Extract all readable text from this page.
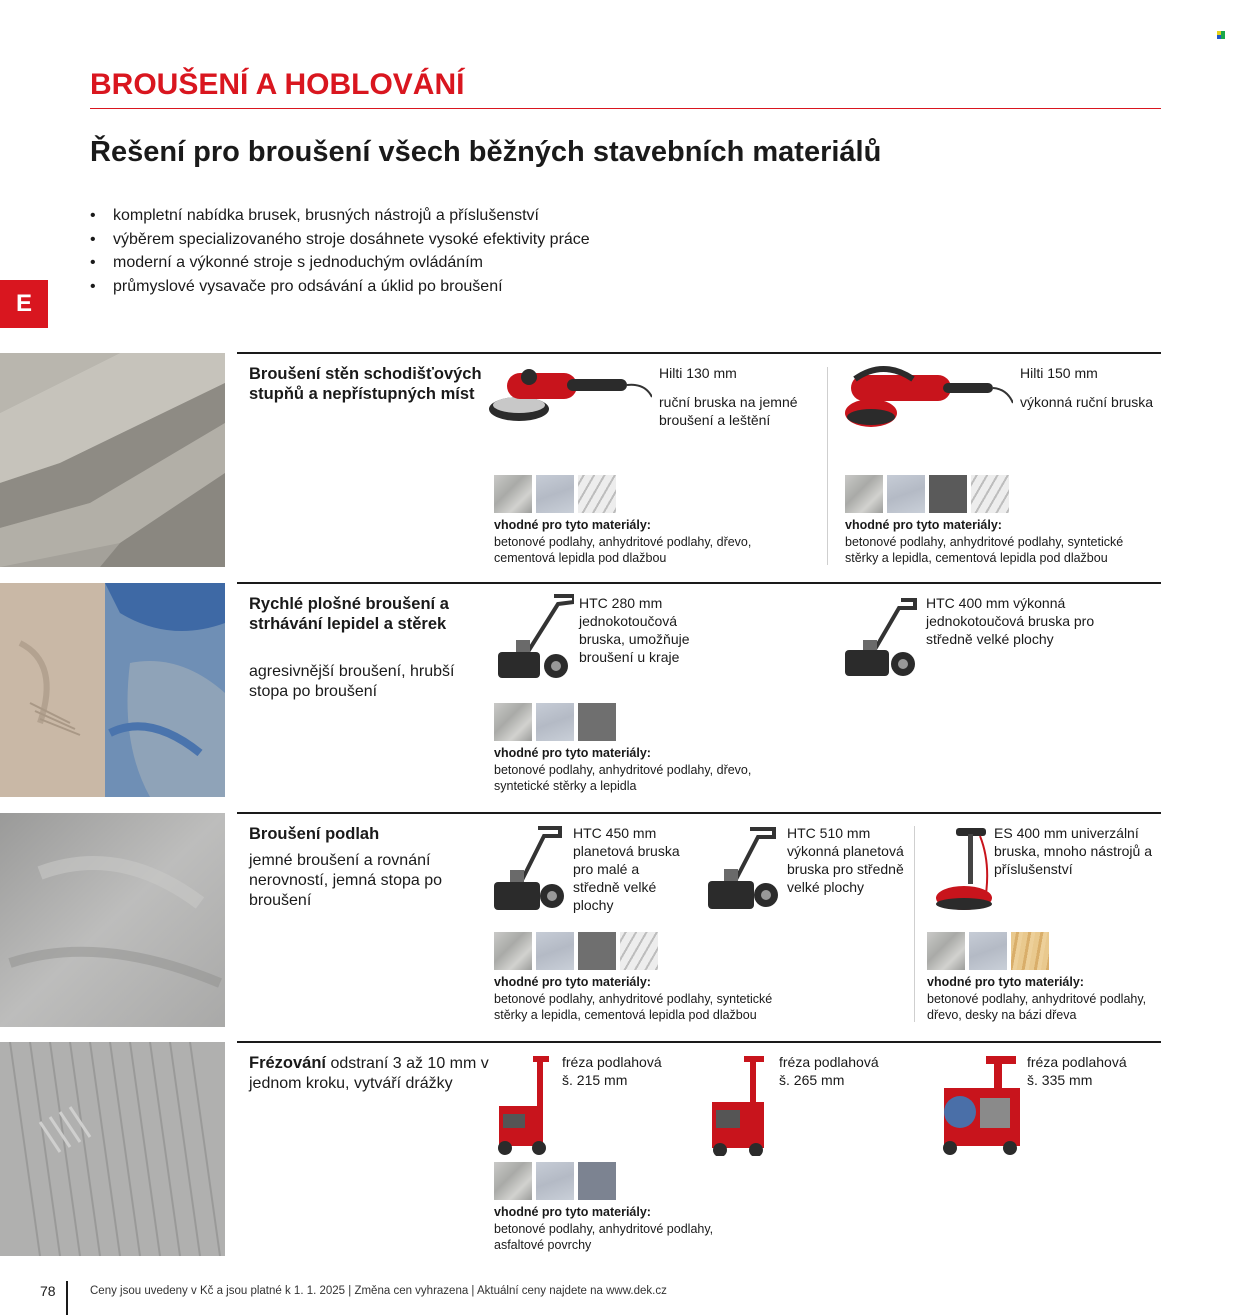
BROUŠENÍ A HOBLOVÁNÍ
Řešení pro broušení všech běžných stavebních materiálů
• kompletní nabídka brusek, brusných nástrojů a příslušenství
• výběrem specializovaného stroje dosáhnete vysoké efektivity práce
• moderní a výkonné stroje s jednoduchým ovládáním
• průmyslové vysavače pro odsávání a úklid po broušení
E
Broušení stěn schodišťových stupňů a nepřístupných míst
Hilti 130 mm
ruční bruska na jemné broušení a leštění
vhodné pro tyto materiály:
betonové podlahy, anhydritové podlahy, dřevo, cementová lepidla pod dlažbou
Hilti 150 mm
výkonná ruční bruska
vhodné pro tyto materiály:
betonové podlahy, anhydritové podlahy, syntetické stěrky a lepidla, cementová lepidla pod dlažbou
Rychlé plošné broušení a strhávání lepidel a stěrek
agresivnější broušení, hrubší stopa po broušení
HTC 280 mm
jednokotoučová bruska, umožňuje broušení u kraje
vhodné pro tyto materiály:
betonové podlahy, anhydritové podlahy, dřevo, syntetické stěrky a lepidla
HTC 400 mm výkonná
jednokotoučová bruska pro středně velké plochy
Broušení podlah
jemné broušení a rovnání nerovností, jemná stopa po broušení
HTC 450 mm
planetová bruska pro malé a středně velké plochy
HTC 510 mm
výkonná planetová bruska pro středně velké plochy
vhodné pro tyto materiály:
betonové podlahy, anhydritové podlahy, syntetické stěrky a lepidla, cementová lepidla pod dlažbou
ES 400 mm univerzální
bruska, mnoho nástrojů a příslušenství
vhodné pro tyto materiály:
betonové podlahy, anhydritové podlahy, dřevo, desky na bázi dřeva
Frézování odstraní 3 až 10 mm v jednom kroku, vytváří drážky
fréza podlahová
š. 215 mm
fréza podlahová
š. 265 mm
fréza podlahová
š. 335 mm
vhodné pro tyto materiály:
betonové podlahy, anhydritové podlahy, asfaltové povrchy
78	Ceny jsou uvedeny v Kč a jsou platné k 1. 1. 2025 | Změna cen vyhrazena | Aktuální ceny najdete na www.dek.cz
